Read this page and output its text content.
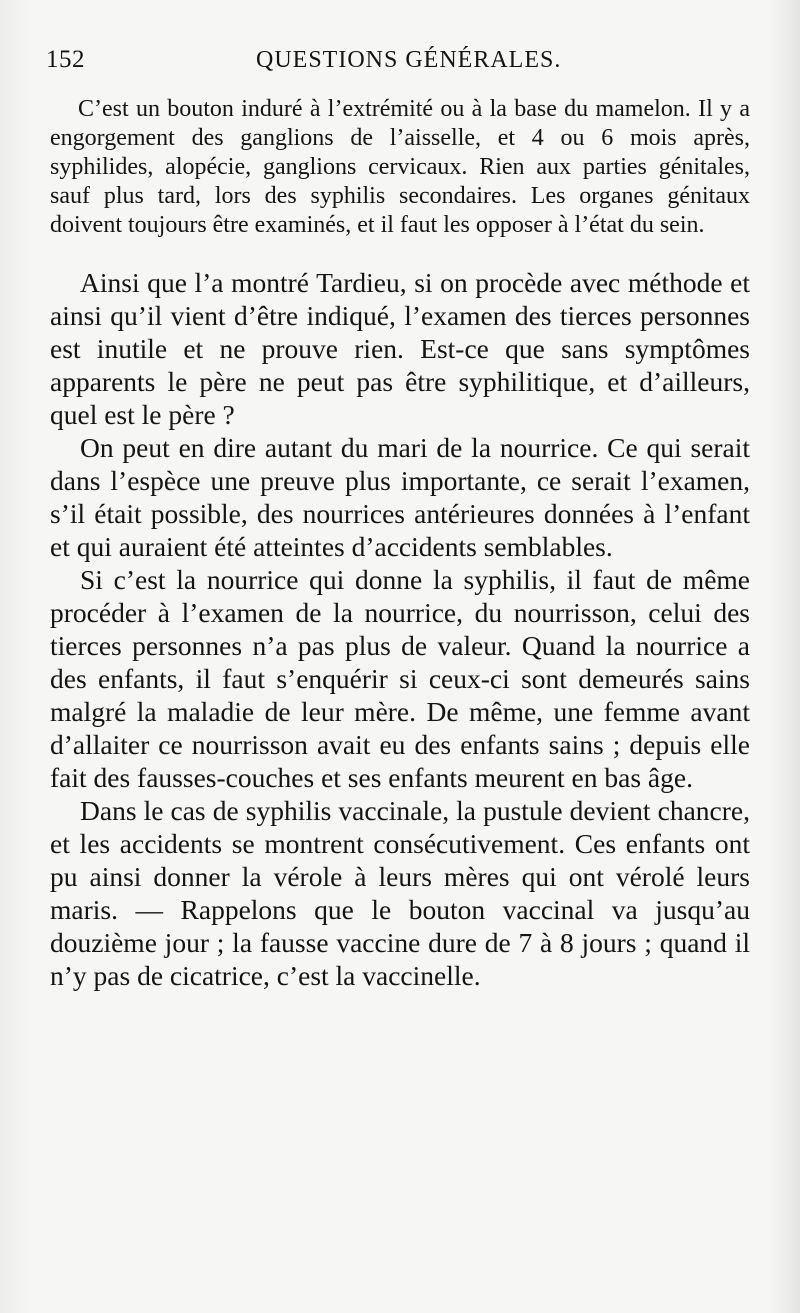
152	QUESTIONS GÉNÉRALES.

C’est un bouton induré à l’extrémité ou à la base du mamelon. Il y a engorgement des ganglions de l’aisselle, et 4 ou 6 mois après, syphilides, alopécie, ganglions cervicaux. Rien aux parties génitales, sauf plus tard, lors des syphilis secondaires. Les organes génitaux doivent toujours être examinés, et il faut les opposer à l’état du sein.

Ainsi que l’a montré Tardieu, si on procède avec méthode et ainsi qu’il vient d’être indiqué, l’examen des tierces personnes est inutile et ne prouve rien. Est-ce que sans symptômes apparents le père ne peut pas être syphilitique, et d’ailleurs, quel est le père ?

On peut en dire autant du mari de la nourrice. Ce qui serait dans l’espèce une preuve plus importante, ce serait l’examen, s’il était possible, des nourrices antérieures données à l’enfant et qui auraient été atteintes d’accidents semblables.

Si c’est la nourrice qui donne la syphilis, il faut de même procéder à l’examen de la nourrice, du nourrisson, celui des tierces personnes n’a pas plus de valeur. Quand la nourrice a des enfants, il faut s’enquérir si ceux-ci sont demeurés sains malgré la maladie de leur mère. De même, une femme avant d’allaiter ce nourrisson avait eu des enfants sains ; depuis elle fait des fausses-couches et ses enfants meurent en bas âge.

Dans le cas de syphilis vaccinale, la pustule devient chancre, et les accidents se montrent consécutivement. Ces enfants ont pu ainsi donner la vérole à leurs mères qui ont vérolé leurs maris. — Rappelons que le bouton vaccinal va jusqu’au douzième jour ; la fausse vaccine dure de 7 à 8 jours ; quand il n’y pas de cicatrice, c’est la vaccinelle.
